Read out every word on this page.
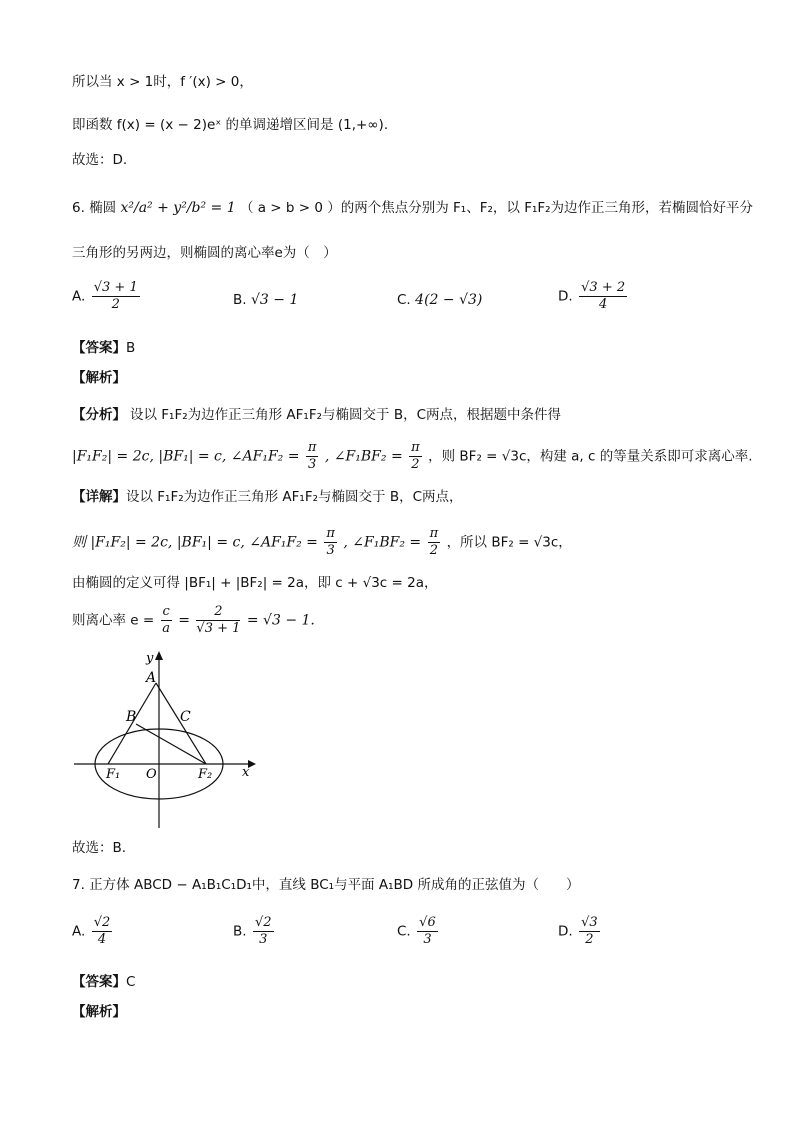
所以当 x > 1时，f ′(x) > 0，
即函数 f(x) = (x − 2)eˣ 的单调递增区间是 (1,+∞).
故选：D.
6. 椭圆 x²/a² + y²/b² = 1 （ a > b > 0 ）的两个焦点分别为 F₁、F₂，以 F₁F₂为边作正三角形，若椭圆恰好平分
三角形的另两边，则椭圆的离心率e为（　）
A. $\frac{√3 + 1}{2}$	B. √3 − 1	C. 4(2 − √3)	D. $\frac{√3 + 2}{4}$
【答案】B
【解析】
【分析】 设以 F₁F₂为边作正三角形 AF₁F₂与椭圆交于 B，C两点，根据题中条件得
|F₁F₂| = 2c, |BF₁| = c, ∠AF₁F₂ = $\frac{\pi}{3}$ , ∠F₁BF₂ = $\frac{\pi}{2}$ ，则 BF₂ = √3c，构建 a, c 的等量关系即可求离心率.
【详解】设以 F₁F₂为边作正三角形 AF₁F₂与椭圆交于 B，C两点，
则 |F₁F₂| = 2c, |BF₁| = c, ∠AF₁F₂ = $\frac{\pi}{3}$ , ∠F₁BF₂ = $\frac{\pi}{2}$ ，所以 BF₂ = √3c，
由椭圆的定义可得 |BF₁| + |BF₂| = 2a，即 c + √3c = 2a，
则离心率 $e = \frac{c}{a} = \frac{2}{√3 + 1} = √3 - 1$.
y
A
B	C
F₁ O	F₂ x
故选：B.
7. 正方体 ABCD − A₁B₁C₁D₁中，直线 BC₁与平面 A₁BD 所成角的正弦值为（　　）
A. $\frac{√2}{4}$	B. $\frac{√2}{3}$	C. $\frac{√6}{3}$	D. $\frac{√3}{2}$
【答案】C
【解析】
